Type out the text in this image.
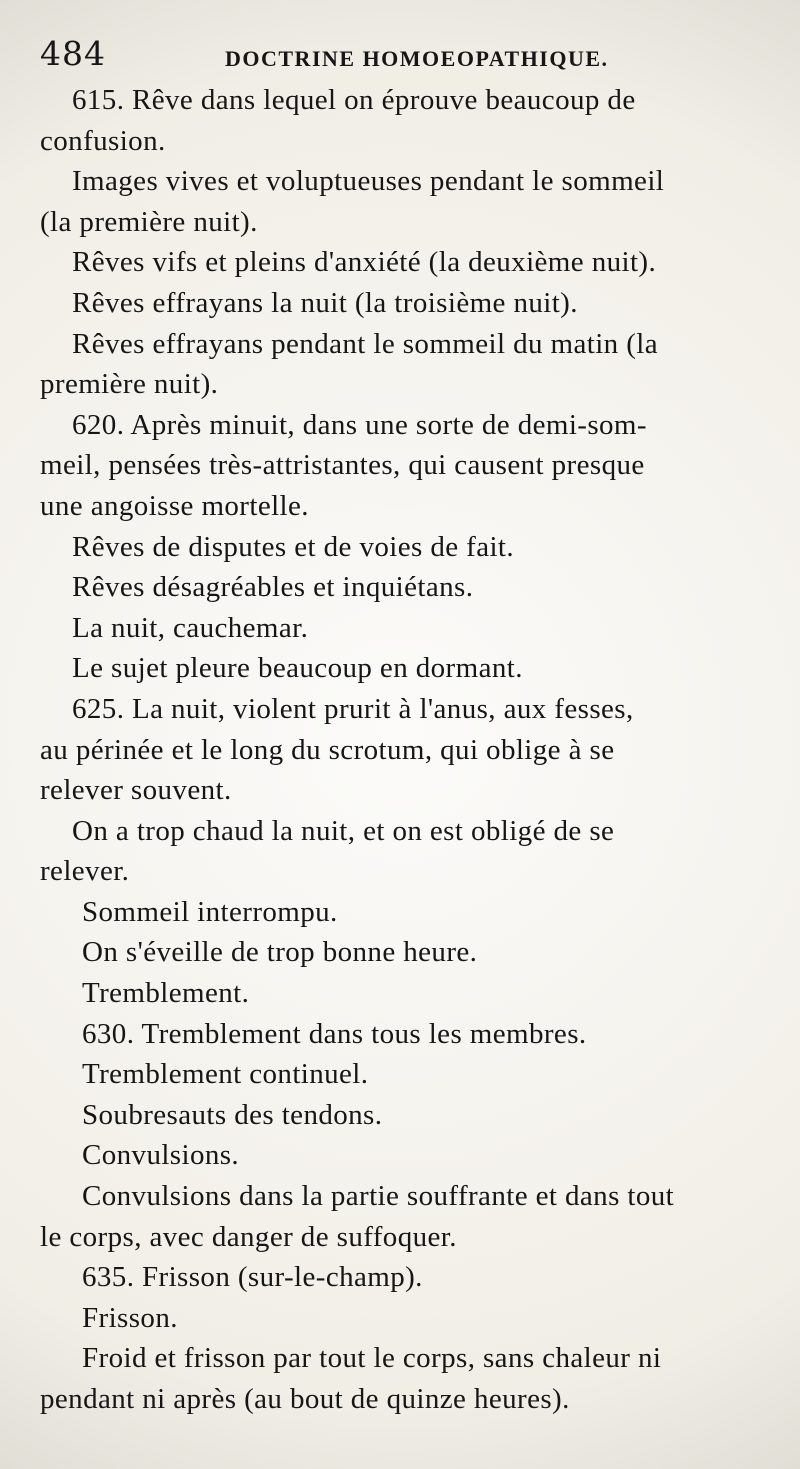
484	DOCTRINE HOMOEOPATHIQUE.
615. Rêve dans lequel on éprouve beaucoup de
confusion.
Images vives et voluptueuses pendant le sommeil
(la première nuit).
Rêves vifs et pleins d'anxiété (la deuxième nuit).
Rêves effrayans la nuit (la troisième nuit).
Rêves effrayans pendant le sommeil du matin (la
première nuit).
620. Après minuit, dans une sorte de demi-som-
meil, pensées très-attristantes, qui causent presque
une angoisse mortelle.
Rêves de disputes et de voies de fait.
Rêves désagréables et inquiétans.
La nuit, cauchemar.
Le sujet pleure beaucoup en dormant.
625. La nuit, violent prurit à l'anus, aux fesses,
au périnée et le long du scrotum, qui oblige à se
relever souvent.
On a trop chaud la nuit, et on est obligé de se
relever.
Sommeil interrompu.
On s'éveille de trop bonne heure.
Tremblement.
630. Tremblement dans tous les membres.
Tremblement continuel.
Soubresauts des tendons.
Convulsions.
Convulsions dans la partie souffrante et dans tout
le corps, avec danger de suffoquer.
635. Frisson (sur-le-champ).
Frisson.
Froid et frisson par tout le corps, sans chaleur ni
pendant ni après (au bout de quinze heures).
